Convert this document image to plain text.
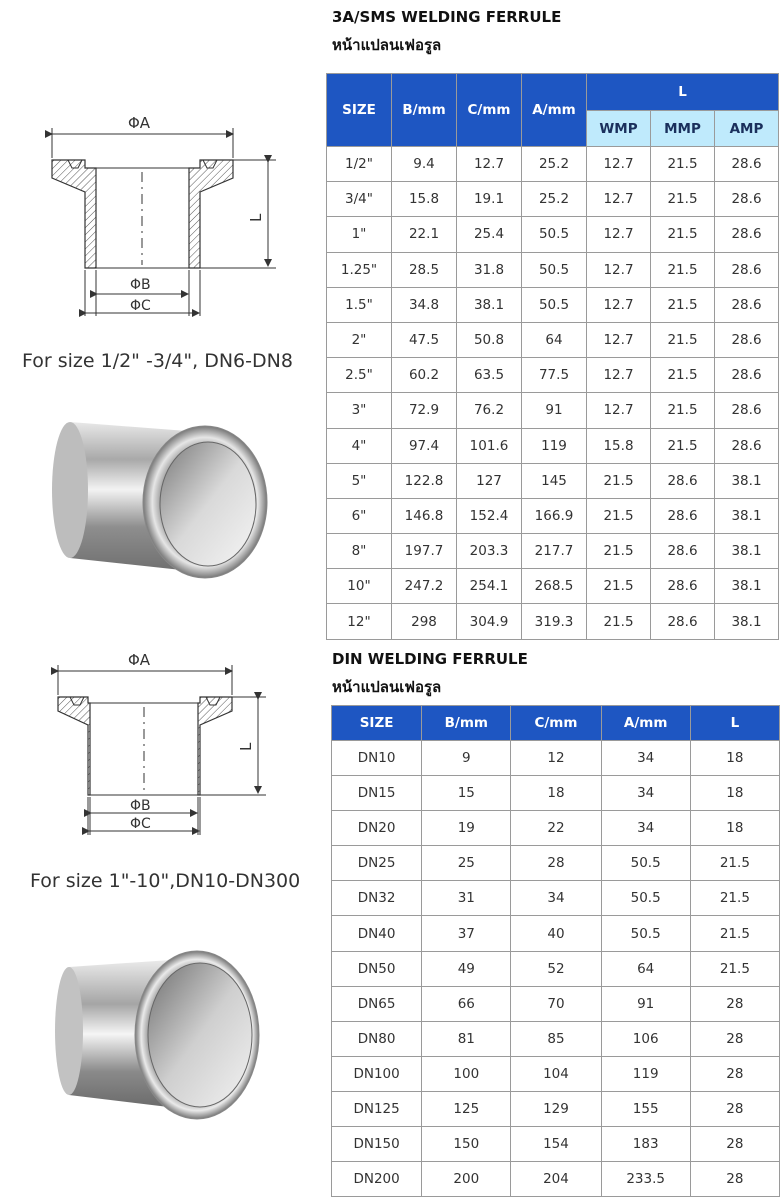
ΦA
L
ΦB
ΦC
For size 1/2" -3/4", DN6-DN8
ΦA
L
ΦB
ΦC
For size 1"-10",DN10-DN300
3A/SMS WELDING FERRULE
หน้าแปลนเฟอรูล
SIZE	B/mm	C/mm	A/mm	L		
				WMP	MMP	AMP
1/2"	9.4	12.7	25.2	12.7	21.5	28.6
3/4"	15.8	19.1	25.2	12.7	21.5	28.6
1"	22.1	25.4	50.5	12.7	21.5	28.6
1.25"	28.5	31.8	50.5	12.7	21.5	28.6
1.5"	34.8	38.1	50.5	12.7	21.5	28.6
2"	47.5	50.8	64	12.7	21.5	28.6
2.5"	60.2	63.5	77.5	12.7	21.5	28.6
3"	72.9	76.2	91	12.7	21.5	28.6
4"	97.4	101.6	119	15.8	21.5	28.6
5"	122.8	127	145	21.5	28.6	38.1
6"	146.8	152.4	166.9	21.5	28.6	38.1
8"	197.7	203.3	217.7	21.5	28.6	38.1
10"	247.2	254.1	268.5	21.5	28.6	38.1
12"	298	304.9	319.3	21.5	28.6	38.1
DIN WELDING FERRULE
หน้าแปลนเฟอรูล
SIZE	B/mm	C/mm	A/mm	L
DN10	9	12	34	18
DN15	15	18	34	18
DN20	19	22	34	18
DN25	25	28	50.5	21.5
DN32	31	34	50.5	21.5
DN40	37	40	50.5	21.5
DN50	49	52	64	21.5
DN65	66	70	91	28
DN80	81	85	106	28
DN100	100	104	119	28
DN125	125	129	155	28
DN150	150	154	183	28
DN200	200	204	233.5	28
